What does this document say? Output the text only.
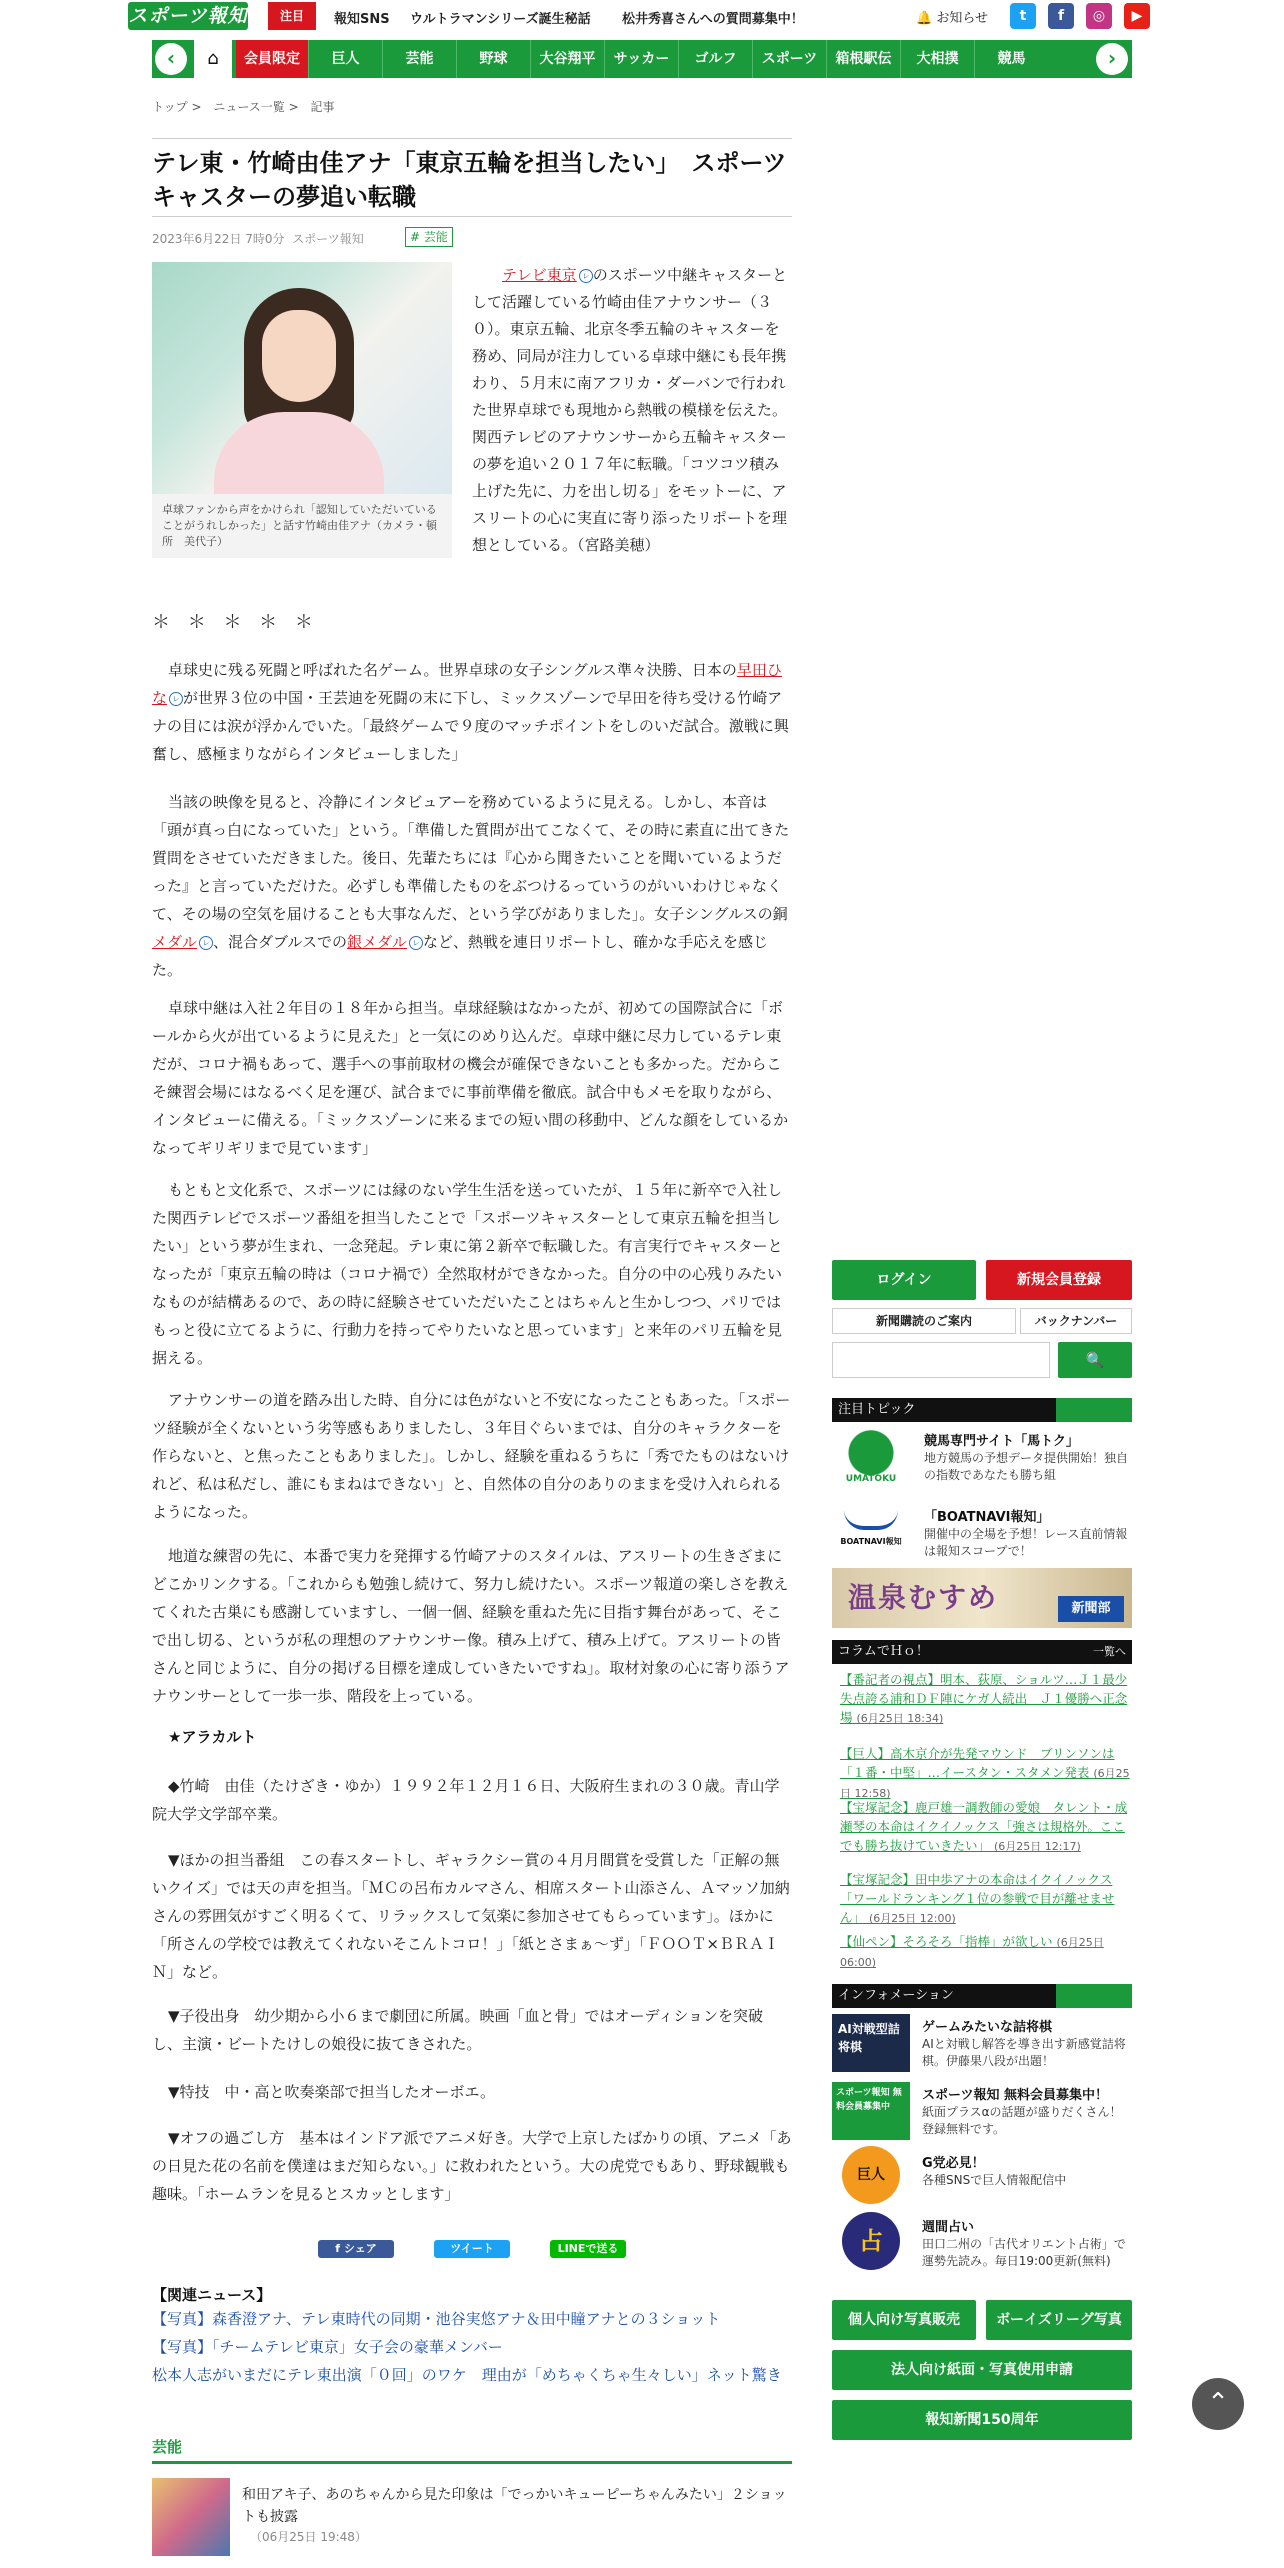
スポーツ報知	注目	報知SNS ウルトラマンシリーズ誕生秘話 松井秀喜さんへの質問募集中！	🔔 お知らせ	t	f	◎	▶
‹	⌂	会員限定	巨人	芸能	野球	大谷翔平	サッカー	ゴルフ	スポーツ	箱根駅伝	大相撲	競馬	›
トップ > ニュース一覧 > 記事
テレ東・竹崎由佳アナ「東京五輪を担当したい」　スポーツキャスターの夢追い転職
2023年6月22日 7時0分 スポーツ報知	# 芸能

卓球ファンから声をかけられ「認知していただいていることがうれしかった」と話す竹崎由佳アナ（カメラ・頓所　美代子）

テレビ東京 ㇾ のスポーツ中継キャスターとして活躍している竹崎由佳アナウンサー（３０）。東京五輪、北京冬季五輪のキャスターを務め、同局が注力している卓球中継にも長年携わり、５月末に南アフリカ・ダーバンで行われた世界卓球でも現地から熱戦の模様を伝えた。関西テレビのアナウンサーから五輪キャスターの夢を追い２０１７年に転職。「コツコツ積み上げた先に、力を出し切る」をモットーに、アスリートの心に実直に寄り添ったリポートを理想としている。（宮路美穂）

＊ ＊ ＊ ＊ ＊

卓球史に残る死闘と呼ばれた名ゲーム。世界卓球の女子シングルス準々決勝、日本の早田ひな ㇾ が世界３位の中国・王芸迪を死闘の末に下し、ミックスゾーンで早田を待ち受ける竹崎アナの目には涙が浮かんでいた。「最終ゲームで９度のマッチポイントをしのいだ試合。激戦に興奮し、感極まりながらインタビューしました」

当該の映像を見ると、冷静にインタビュアーを務めているように見える。しかし、本音は「頭が真っ白になっていた」という。「準備した質問が出てこなくて、その時に素直に出てきた質問をさせていただきました。後日、先輩たちには『心から聞きたいことを聞いているようだった』と言っていただけた。必ずしも準備したものをぶつけるっていうのがいいわけじゃなくて、その場の空気を届けることも大事なんだ、という学びがありました」。女子シングルスの銅メダル ㇾ 、混合ダブルスでの銀メダル ㇾ など、熱戦を連日リポートし、確かな手応えを感じた。

卓球中継は入社２年目の１８年から担当。卓球経験はなかったが、初めての国際試合に「ボールから火が出ているように見えた」と一気にのめり込んだ。卓球中継に尽力しているテレ東だが、コロナ禍もあって、選手への事前取材の機会が確保できないことも多かった。だからこそ練習会場にはなるべく足を運び、試合までに事前準備を徹底。試合中もメモを取りながら、インタビューに備える。「ミックスゾーンに来るまでの短い間の移動中、どんな顔をしているかなってギリギリまで見ています」

もともと文化系で、スポーツには縁のない学生生活を送っていたが、１５年に新卒で入社した関西テレビでスポーツ番組を担当したことで「スポーツキャスターとして東京五輪を担当したい」という夢が生まれ、一念発起。テレ東に第２新卒で転職した。有言実行でキャスターとなったが「東京五輪の時は（コロナ禍で）全然取材ができなかった。自分の中の心残りみたいなものが結構あるので、あの時に経験させていただいたことはちゃんと生かしつつ、パリではもっと役に立てるように、行動力を持ってやりたいなと思っています」と来年のパリ五輪を見据える。

アナウンサーの道を踏み出した時、自分には色がないと不安になったこともあった。「スポーツ経験が全くないという劣等感もありましたし、３年目ぐらいまでは、自分のキャラクターを作らないと、と焦ったこともありました」。しかし、経験を重ねるうちに「秀でたものはないけれど、私は私だし、誰にもまねはできない」と、自然体の自分のありのままを受け入れられるようになった。

地道な練習の先に、本番で実力を発揮する竹崎アナのスタイルは、アスリートの生きざまにどこかリンクする。「これからも勉強し続けて、努力し続けたい。スポーツ報道の楽しさを教えてくれた古巣にも感謝していますし、一個一個、経験を重ねた先に目指す舞台があって、そこで出し切る、というが私の理想のアナウンサー像。積み上げて、積み上げて。アスリートの皆さんと同じように、自分の掲げる目標を達成していきたいですね」。取材対象の心に寄り添うアナウンサーとして一歩一歩、階段を上っている。

★アラカルト

◆竹崎　由佳（たけざき・ゆか）１９９２年１２月１６日、大阪府生まれの３０歳。青山学院大学文学部卒業。

▼ほかの担当番組　この春スタートし、ギャラクシー賞の４月月間賞を受賞した「正解の無いクイズ」では天の声を担当。「ＭＣの呂布カルマさん、相席スタート山添さん、Ａマッソ加納さんの雰囲気がすごく明るくて、リラックスして気楽に参加させてもらっています」。ほかに「所さんの学校では教えてくれないそこんトコロ！」「紙とさまぁ～ず」「ＦＯＯＴ×ＢＲＡＩＮ」など。

▼子役出身　幼少期から小６まで劇団に所属。映画「血と骨」ではオーディションを突破し、主演・ビートたけしの娘役に抜てきされた。

▼特技　中・高と吹奏楽部で担当したオーボエ。

▼オフの過ごし方　基本はインドア派でアニメ好き。大学で上京したばかりの頃、アニメ「あの日見た花の名前を僕達はまだ知らない。」に救われたという。大の虎党でもあり、野球観戦も趣味。「ホームランを見るとスカッとします」

f シェア	ツイート	LINEで送る
【関連ニュース】
【写真】森香澄アナ、テレ東時代の同期・池谷実悠アナ＆田中瞳アナとの３ショット
【写真】「チームテレビ東京」女子会の豪華メンバー
松本人志がいまだにテレ東出演「０回」のワケ　理由が「めちゃくちゃ生々しい」ネット驚き
芸能
和田アキ子、あのちゃんから見た印象は「でっかいキューピーちゃんみたい」２ショットも披露
（06月25日 19:48）
ログイン	新規会員登録
新聞購読のご案内	バックナンバー
🔍
注目トピック
UMATOKU
競馬専門サイト「馬トク」
地方競馬の予想データ提供開始！独自の指数であなたも勝ち組
BOATNAVI報知
「BOATNAVI報知」
開催中の全場を予想！レース直前情報は報知スコープで！
温泉むすめ	新聞部
コラムでＨｏ！	一覧へ
【番記者の視点】明本、荻原、ショルツ…Ｊ１最少失点誇る浦和ＤＦ陣にケガ人続出　Ｊ１優勝へ正念場 (6月25日 18:34)
【巨人】高木京介が先発マウンド　ブリンソンは「１番・中堅」…イースタン・スタメン発表 (6月25日 12:58)
【宝塚記念】鹿戸雄一調教師の愛娘　タレント・成瀬琴の本命はイクイノックス「強さは規格外。ここでも勝ち抜けていきたい」 (6月25日 12:17)
【宝塚記念】田中歩アナの本命はイクイノックス「ワールドランキング１位の参戦で目が離せません」 (6月25日 12:00)
【仙ペン】そろそろ「指棒」が欲しい (6月25日 06:00)
インフォメーション
AI対戦型詰将棋
ゲームみたいな詰将棋
AIと対戦し解答を導き出す新感覚詰将棋。伊藤果八段が出題！
スポーツ報知 無料会員募集中
スポーツ報知 無料会員募集中！
紙面プラスαの話題が盛りだくさん！登録無料です。
巨人
G党必見！
各種SNSで巨人情報配信中
占	週間占い
田口二州の「古代オリエント占術」で運勢先読み。毎日19:00更新(無料)
個人向け写真販売	ボーイズリーグ写真
法人向け紙面・写真使用申請
報知新聞150周年
⌃
